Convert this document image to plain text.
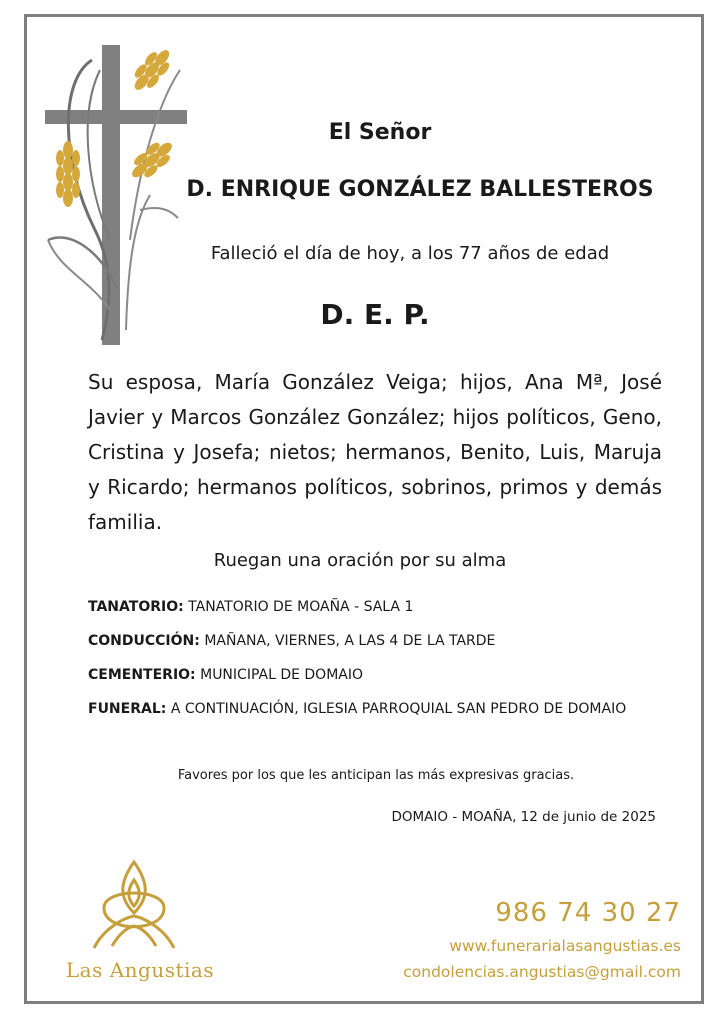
El Señor
D. ENRIQUE GONZÁLEZ BALLESTEROS
Falleció el día de hoy, a los 77 años de edad
D. E. P.
Su esposa, María González Veiga; hijos, Ana Mª, José Javier y Marcos González González; hijos políticos, Geno, Cristina y Josefa; nietos; hermanos, Benito, Luis, Maruja y Ricardo; hermanos políticos, sobrinos, primos y demás familia.
Ruegan una oración por su alma
TANATORIO: TANATORIO DE MOAÑA - SALA 1
CONDUCCIÓN: MAÑANA, VIERNES, A LAS 4 DE LA TARDE
CEMENTERIO: MUNICIPAL DE DOMAIO
FUNERAL: A CONTINUACIÓN, IGLESIA PARROQUIAL SAN PEDRO DE DOMAIO
Favores por los que les anticipan las más expresivas gracias.
DOMAIO - MOAÑA, 12 de junio de 2025
Las Angustias
986 74 30 27
www.funerarialasangustias.es
condolencias.angustias@gmail.com
